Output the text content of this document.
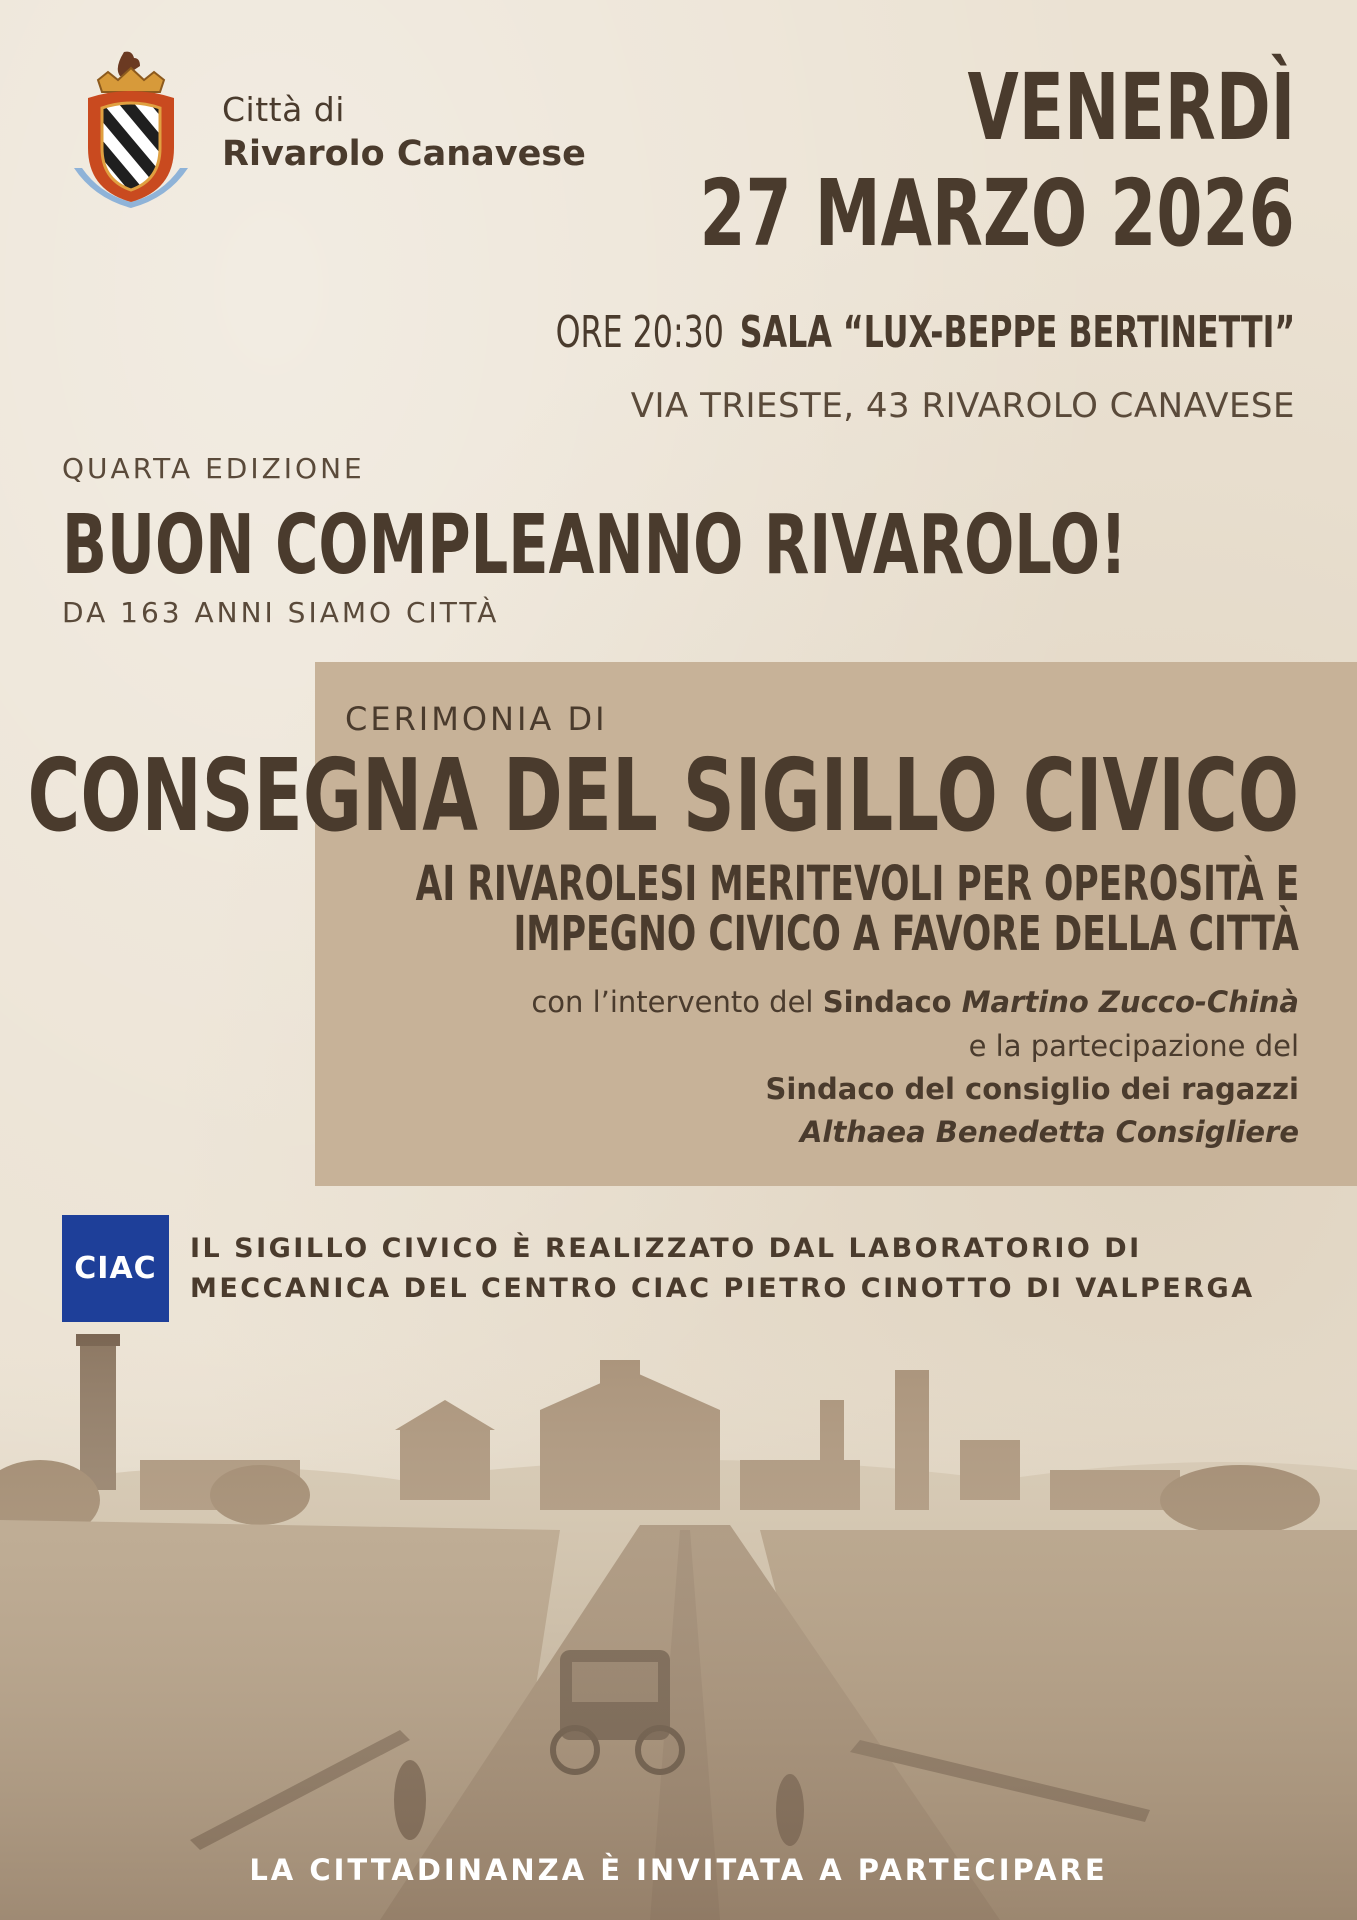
Città di
Rivarolo Canavese	VENERDÌ
27 MARZO 2026
ORE 20:30 SALA “LUX-BEPPE BERTINETTI”
VIA TRIESTE, 43 RIVAROLO CANAVESE
QUARTA EDIZIONE
BUON COMPLEANNO RIVAROLO!
DA 163 ANNI SIAMO CITTÀ
CERIMONIA DI
CONSEGNA DEL SIGILLO CIVICO
AI RIVAROLESI MERITEVOLI PER OPEROSITÀ E
IMPEGNO CIVICO A FAVORE DELLA CITTÀ
con l’intervento del Sindaco Martino Zucco-Chinà
e la partecipazione del
Sindaco del consiglio dei ragazzi
Althaea Benedetta Consigliere
CIAC
IL SIGILLO CIVICO È REALIZZATO DAL LABORATORIO DI
MECCANICA DEL CENTRO CIAC PIETRO CINOTTO DI VALPERGA
LA CITTADINANZA È INVITATA A PARTECIPARE
